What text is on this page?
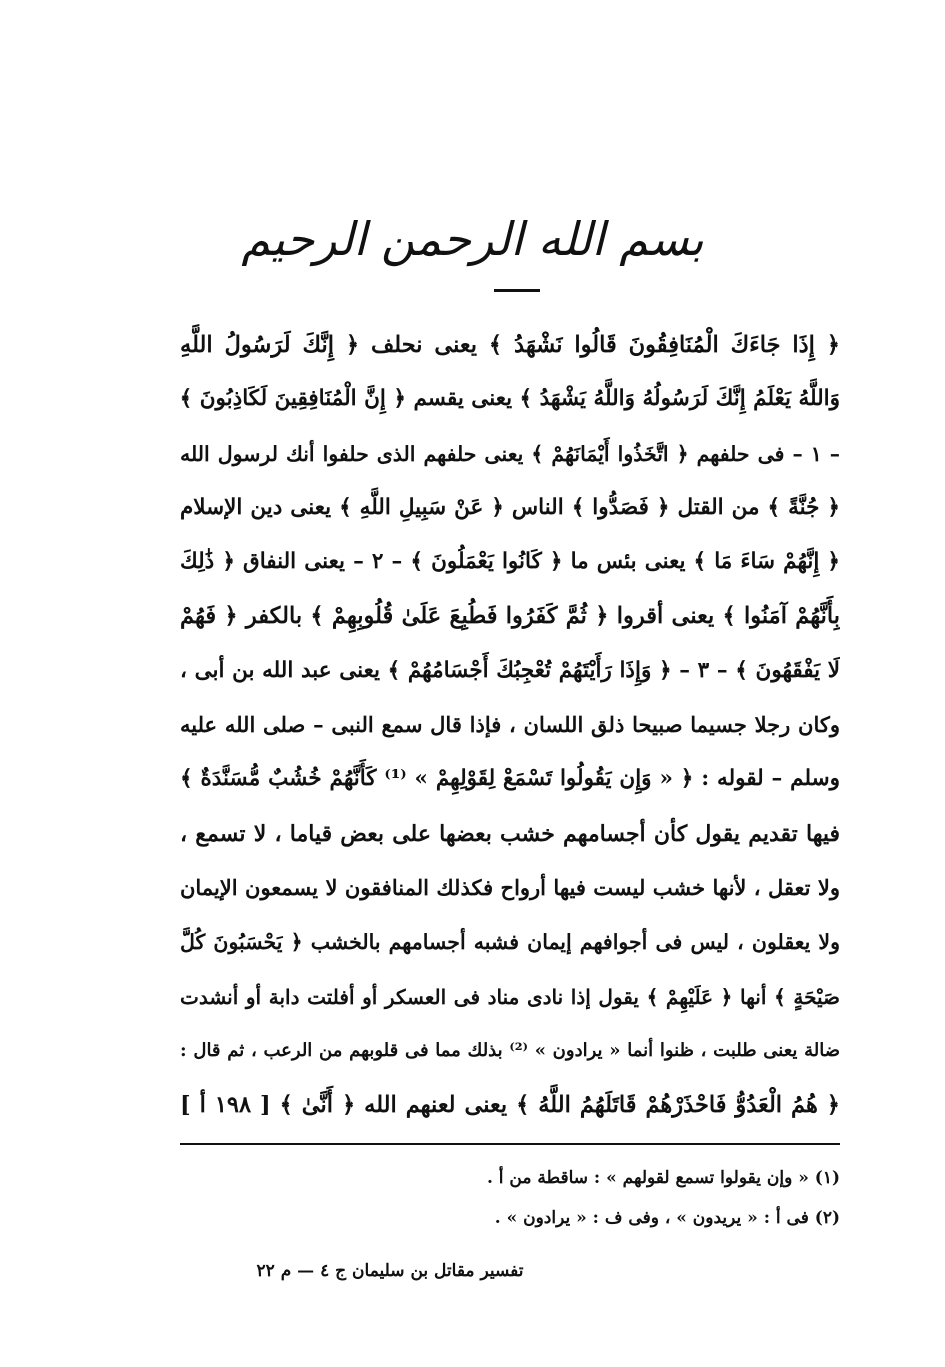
بسم الله الرحمن الرحيم
﴿ إِذَا جَاءَكَ الْمُنَافِقُونَ قَالُوا نَشْهَدُ ﴾ يعنى نحلف ﴿ إِنَّكَ لَرَسُولُ اللَّهِ
وَاللَّهُ يَعْلَمُ إِنَّكَ لَرَسُولُهُ وَاللَّهُ يَشْهَدُ ﴾ يعنى يقسم ﴿ إِنَّ الْمُنَافِقِينَ لَكَاذِبُونَ ﴾
– ١ – فى حلفهم ﴿ اتَّخَذُوا أَيْمَانَهُمْ ﴾ يعنى حلفهم الذى حلفوا أنك لرسول الله
﴿ جُنَّةً ﴾ من القتل ﴿ فَصَدُّوا ﴾ الناس ﴿ عَنْ سَبِيلِ اللَّهِ ﴾ يعنى دين الإسلام
﴿ إِنَّهُمْ سَاءَ مَا ﴾ يعنى بئس ما ﴿ كَانُوا يَعْمَلُونَ ﴾ – ٢ – يعنى النفاق ﴿ ذَٰلِكَ
بِأَنَّهُمْ آمَنُوا ﴾ يعنى أقروا ﴿ ثُمَّ كَفَرُوا فَطُبِعَ عَلَىٰ قُلُوبِهِمْ ﴾ بالكفر ﴿ فَهُمْ
لَا يَفْقَهُونَ ﴾ – ٣ – ﴿ وَإِذَا رَأَيْتَهُمْ تُعْجِبُكَ أَجْسَامُهُمْ ﴾ يعنى عبد الله بن أبى ،
وكان رجلا جسيما صبيحا ذلق اللسان ، فإذا قال سمع النبى – صلى الله عليه
وسلم – لقوله : ﴿ « وَإِن يَقُولُوا تَسْمَعْ لِقَوْلِهِمْ » ⁽¹⁾ كَأَنَّهُمْ خُشُبٌ مُّسَنَّدَةٌ ﴾
فيها تقديم يقول كأن أجسامهم خشب بعضها على بعض قياما ، لا تسمع ،
ولا تعقل ، لأنها خشب ليست فيها أرواح فكذلك المنافقون لا يسمعون الإيمان
ولا يعقلون ، ليس فى أجوافهم إيمان فشبه أجسامهم بالخشب ﴿ يَحْسَبُونَ كُلَّ
صَيْحَةٍ ﴾ أنها ﴿ عَلَيْهِمْ ﴾ يقول إذا نادى مناد فى العسكر أو أفلتت دابة أو أنشدت
ضالة يعنى طلبت ، ظنوا أنما « يرادون » ⁽²⁾ بذلك مما فى قلوبهم من الرعب ، ثم قال :
﴿ هُمُ الْعَدُوُّ فَاحْذَرْهُمْ قَاتَلَهُمُ اللَّهُ ﴾ يعنى لعنهم الله ﴿ أَنَّىٰ ﴾ [ ١٩٨ أ ]
(١) « وإن يقولوا تسمع لقولهم » : ساقطة من أ .
(٢) فى أ : « يريدون » ، وفى ف : « يرادون » .
تفسير مقاتل بن سليمان ج ٤ — م ٢٢
